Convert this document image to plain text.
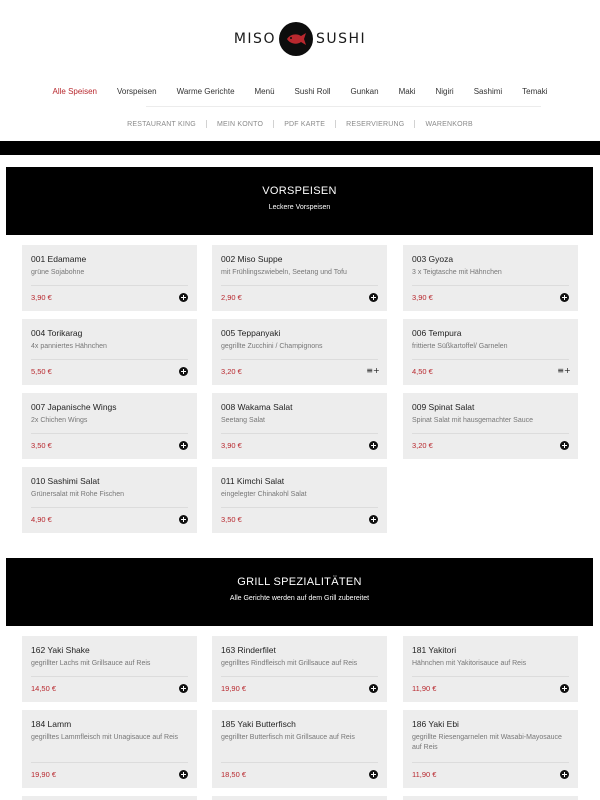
MISO	SUSHI
Alle Speisen	Vorspeisen	Warme Gerichte	Menü	Sushi Roll	Gunkan	Maki	Nigiri	Sashimi	Temaki
RESTAURANT KING	MEIN KONTO	PDF KARTE	RESERVIERUNG	WARENKORB
VORSPEISEN

Leckere Vorspeisen

GRILL SPEZIALITÄTEN

Alle Gerichte werden auf dem Grill zubereitet

001 Edamame
grüne Sojabohne
3,90 €
002 Miso Suppe
mit Frühlingszwiebeln, Seetang und Tofu
2,90 €
003 Gyoza
3 x Teigtasche mit Hähnchen
3,90 €
004 Torikarag
4x panniertes Hähnchen
5,50 €
005 Teppanyaki
gegrillte Zucchini / Champignons
3,20 €	≡+
006 Tempura
frittierte Süßkartoffel/ Garnelen
4,50 €	≡+
007 Japanische Wings
2x Chichen Wings
3,50 €
008 Wakama Salat
Seetang Salat
3,90 €
009 Spinat Salat
Spinat Salat mit hausgemachter Sauce
3,20 €
010 Sashimi Salat
Grünersalat mit Rohe Fischen
4,90 €
011 Kimchi Salat
eingelegter Chinakohl Salat
3,50 €
162 Yaki Shake
gegrillter Lachs mit Grillsauce auf Reis
14,50 €
163 Rinderfilet
gegrilltes Rindfleisch mit Grillsauce auf Reis
19,90 €
181 Yakitori
Hähnchen mit Yakitorisauce auf Reis
11,90 €
184 Lamm
gegrilltes Lammfleisch mit Unagisauce auf Reis
19,90 €
185 Yaki Butterfisch
gegrillter Butterfisch mit Grillsauce auf Reis
18,50 €
186 Yaki Ebi
gegrillte Riesengarnelen mit Wasabi-Mayosauce auf Reis
11,90 €
